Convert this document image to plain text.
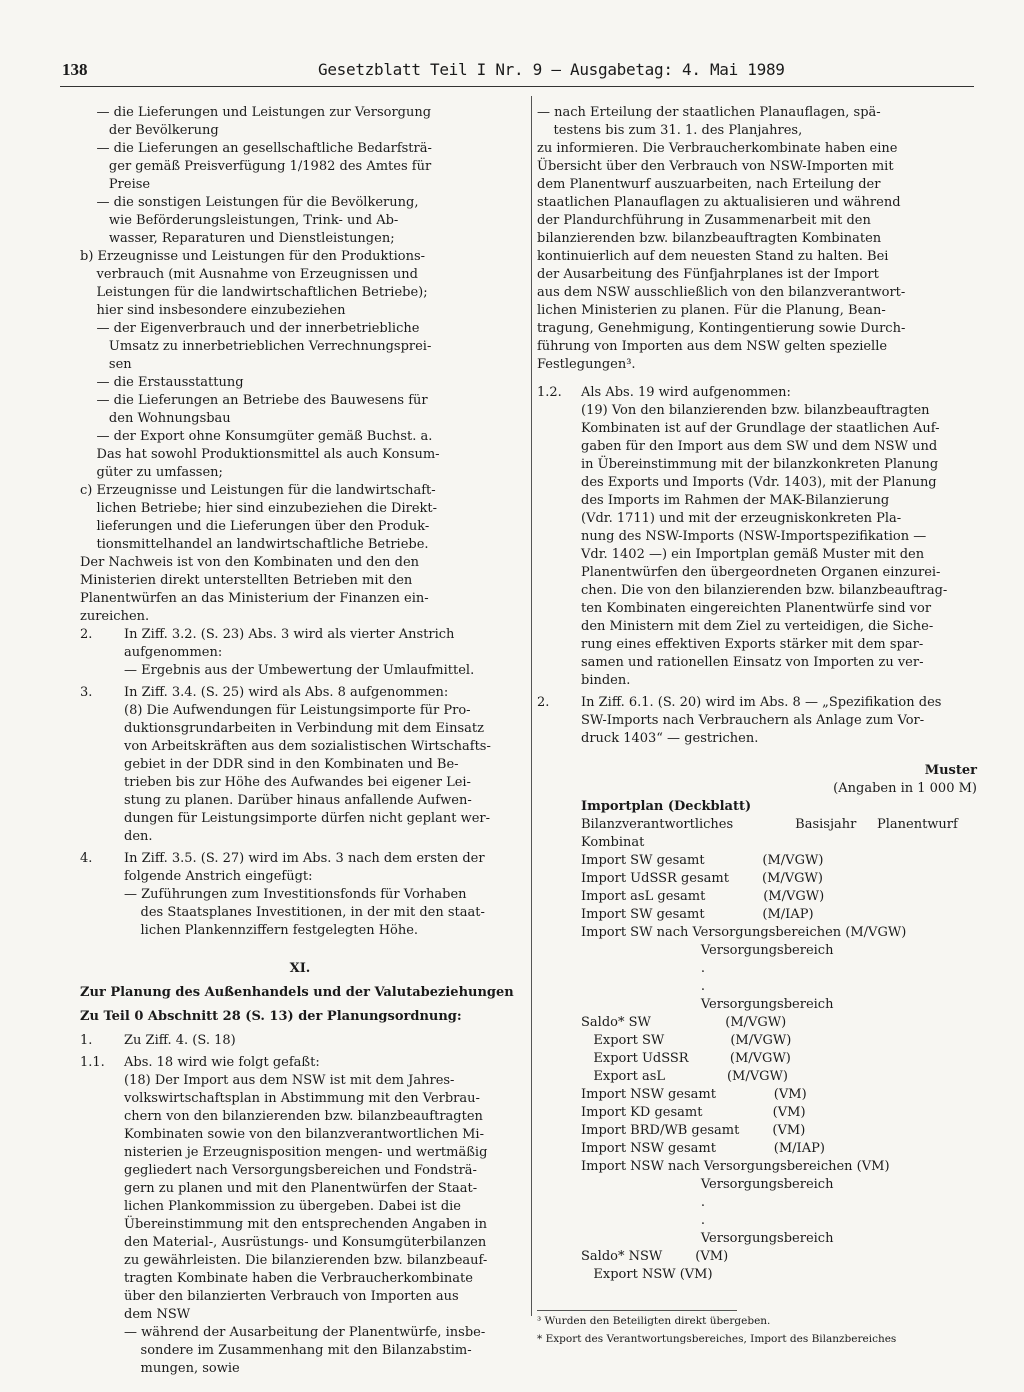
138	Gesetzblatt Teil I Nr. 9 — Ausgabetag: 4. Mai 1989
— die Lieferungen und Leistungen zur Versorgung
der Bevölkerung
— die Lieferungen an gesellschaftliche Bedarfsträ-
ger gemäß Preisverfügung 1/1982 des Amtes für
Preise
— die sonstigen Leistungen für die Bevölkerung,
wie Beförderungsleistungen, Trink- und Ab-
wasser, Reparaturen und Dienstleistungen;
b) Erzeugnisse und Leistungen für den Produktions-
verbrauch (mit Ausnahme von Erzeugnissen und
Leistungen für die landwirtschaftlichen Betriebe);
hier sind insbesondere einzubeziehen
— der Eigenverbrauch und der innerbetriebliche
Umsatz zu innerbetrieblichen Verrechnungsprei-
sen
— die Erstausstattung
— die Lieferungen an Betriebe des Bauwesens für
den Wohnungsbau
— der Export ohne Konsumgüter gemäß Buchst. a.
Das hat sowohl Produktionsmittel als auch Konsum-
güter zu umfassen;
c) Erzeugnisse und Leistungen für die landwirtschaft-
lichen Betriebe; hier sind einzubeziehen die Direkt-
lieferungen und die Lieferungen über den Produk-
tionsmittelhandel an landwirtschaftliche Betriebe.
Der Nachweis ist von den Kombinaten und den den
Ministerien direkt unterstellten Betrieben mit den
Planentwürfen an das Ministerium der Finanzen ein-
zureichen.
2. In Ziff. 3.2. (S. 23) Abs. 3 wird als vierter Anstrich
aufgenommen:
— Ergebnis aus der Umbewertung der Umlaufmittel.
3. In Ziff. 3.4. (S. 25) wird als Abs. 8 aufgenommen:
(8) Die Aufwendungen für Leistungsimporte für Pro-
duktionsgrundarbeiten in Verbindung mit dem Einsatz
von Arbeitskräften aus dem sozialistischen Wirtschafts-
gebiet in der DDR sind in den Kombinaten und Be-
trieben bis zur Höhe des Aufwandes bei eigener Lei-
stung zu planen. Darüber hinaus anfallende Aufwen-
dungen für Leistungsimporte dürfen nicht geplant wer-
den.
4. In Ziff. 3.5. (S. 27) wird im Abs. 3 nach dem ersten der
folgende Anstrich eingefügt:
— Zuführungen zum Investitionsfonds für Vorhaben
des Staatsplanes Investitionen, in der mit den staat-
lichen Plankennziffern festgelegten Höhe.
XI.
Zur Planung des Außenhandels und der Valutabeziehungen
Zu Teil 0 Abschnitt 28 (S. 13) der Planungsordnung:
1. Zu Ziff. 4. (S. 18)
1.1. Abs. 18 wird wie folgt gefaßt:
(18) Der Import aus dem NSW ist mit dem Jahres-
volkswirtschaftsplan in Abstimmung mit den Verbrau-
chern von den bilanzierenden bzw. bilanzbeauftragten
Kombinaten sowie von den bilanzverantwortlichen Mi-
nisterien je Erzeugnisposition mengen- und wertmäßig
gegliedert nach Versorgungsbereichen und Fondsträ-
gern zu planen und mit den Planentwürfen der Staat-
lichen Plankommission zu übergeben. Dabei ist die
Übereinstimmung mit den entsprechenden Angaben in
den Material-, Ausrüstungs- und Konsumgüterbilanzen
zu gewährleisten. Die bilanzierenden bzw. bilanzbeauf-
tragten Kombinate haben die Verbraucherkombinate
über den bilanzierten Verbrauch von Importen aus
dem NSW
— während der Ausarbeitung der Planentwürfe, insbe-
sondere im Zusammenhang mit den Bilanzabstim-
mungen, sowie
— nach Erteilung der staatlichen Planauflagen, spä-
testens bis zum 31. 1. des Planjahres,
zu informieren. Die Verbraucherkombinate haben eine
Übersicht über den Verbrauch von NSW-Importen mit
dem Planentwurf auszuarbeiten, nach Erteilung der
staatlichen Planauflagen zu aktualisieren und während
der Plandurchführung in Zusammenarbeit mit den
bilanzierenden bzw. bilanzbeauftragten Kombinaten
kontinuierlich auf dem neuesten Stand zu halten. Bei
der Ausarbeitung des Fünfjahrplanes ist der Import
aus dem NSW ausschließlich von den bilanzverantwort-
lichen Ministerien zu planen. Für die Planung, Bean-
tragung, Genehmigung, Kontingentierung sowie Durch-
führung von Importen aus dem NSW gelten spezielle
Festlegungen³.
1.2. Als Abs. 19 wird aufgenommen:
(19) Von den bilanzierenden bzw. bilanzbeauftragten
Kombinaten ist auf der Grundlage der staatlichen Auf-
gaben für den Import aus dem SW und dem NSW und
in Übereinstimmung mit der bilanzkonkreten Planung
des Exports und Imports (Vdr. 1403), mit der Planung
des Imports im Rahmen der MAK-Bilanzierung
(Vdr. 1711) und mit der erzeugniskonkreten Pla-
nung des NSW-Imports (NSW-Importspezifikation —
Vdr. 1402 —) ein Importplan gemäß Muster mit den
Planentwürfen den übergeordneten Organen einzurei-
chen. Die von den bilanzierenden bzw. bilanzbeauftrag-
ten Kombinaten eingereichten Planentwürfe sind vor
den Ministern mit dem Ziel zu verteidigen, die Siche-
rung eines effektiven Exports stärker mit dem spar-
samen und rationellen Einsatz von Importen zu ver-
binden.
2. In Ziff. 6.1. (S. 20) wird im Abs. 8 — „Spezifikation des
SW-Imports nach Verbrauchern als Anlage zum Vor-
druck 1403“ — gestrichen.
Muster
(Angaben in 1 000 M)
Importplan (Deckblatt)
Bilanzverantwortliches               Basisjahr     Planentwurf
Kombinat
Import SW gesamt              (M/VGW)
Import UdSSR gesamt        (M/VGW)
Import asL gesamt              (M/VGW)
Import SW gesamt              (M/IAP)
Import SW nach Versorgungsbereichen (M/VGW)
Versorgungsbereich
.
.
Versorgungsbereich
Saldo* SW                  (M/VGW)
Export SW                (M/VGW)
Export UdSSR          (M/VGW)
Export asL               (M/VGW)
Import NSW gesamt              (VM)
Import KD gesamt                 (VM)
Import BRD/WB gesamt        (VM)
Import NSW gesamt              (M/IAP)
Import NSW nach Versorgungsbereichen (VM)
Versorgungsbereich
.
.
Versorgungsbereich
Saldo* NSW        (VM)
Export NSW (VM)
³ Wurden den Beteiligten direkt übergeben.
* Export des Verantwortungsbereiches, Import des Bilanzbereiches
